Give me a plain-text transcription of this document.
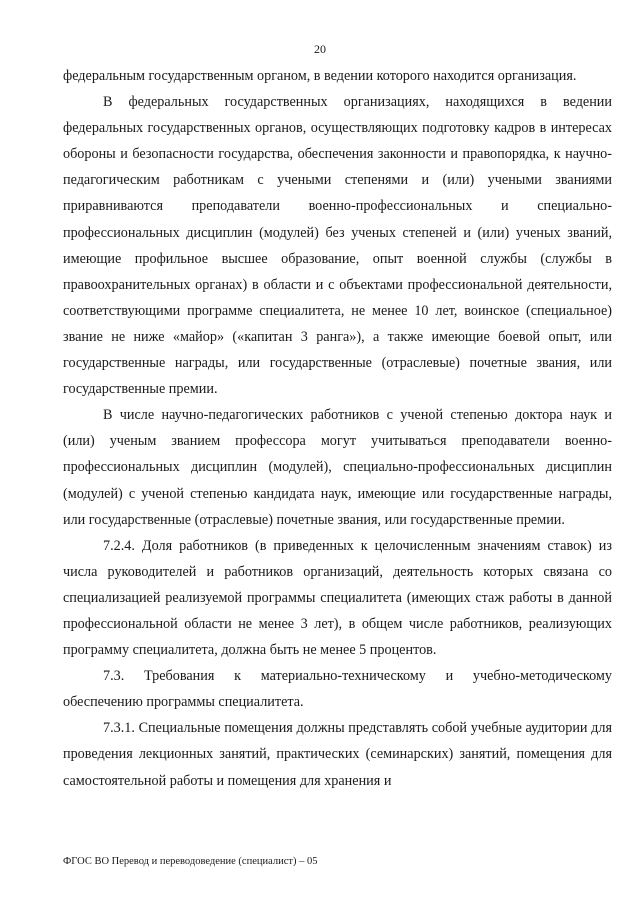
20

федеральным государственным органом, в ведении которого находится организация.

В федеральных государственных организациях, находящихся в ведении федеральных государственных органов, осуществляющих подготовку кадров в интересах обороны и безопасности государства, обеспечения законности и правопорядка, к научно-педагогическим работникам с учеными степенями и (или) учеными званиями приравниваются преподаватели военно-профессиональных и специально-профессиональных дисциплин (модулей) без ученых степеней и (или) ученых званий, имеющие профильное высшее образование, опыт военной службы (службы в правоохранительных органах) в области и с объектами профессиональной деятельности, соответствующими программе специалитета, не менее 10 лет, воинское (специальное) звание не ниже «майор» («капитан 3 ранга»), а также имеющие боевой опыт, или государственные награды, или государственные (отраслевые) почетные звания, или государственные премии.

В числе научно-педагогических работников с ученой степенью доктора наук и (или) ученым званием профессора могут учитываться преподаватели военно-профессиональных дисциплин (модулей), специально-профессиональных дисциплин (модулей) с ученой степенью кандидата наук, имеющие или государственные награды, или государственные (отраслевые) почетные звания, или государственные премии.

7.2.4. Доля работников (в приведенных к целочисленным значениям ставок) из числа руководителей и работников организаций, деятельность которых связана со специализацией реализуемой программы специалитета (имеющих стаж работы в данной профессиональной области не менее 3 лет), в общем числе работников, реализующих программу специалитета, должна быть не менее 5 процентов.

7.3. Требования к материально-техническому и учебно-методическому обеспечению программы специалитета.

7.3.1. Специальные помещения должны представлять собой учебные аудитории для проведения лекционных занятий, практических (семинарских) занятий, помещения для самостоятельной работы и помещения для хранения и

ФГОС ВО Перевод и переводоведение (специалист) – 05
